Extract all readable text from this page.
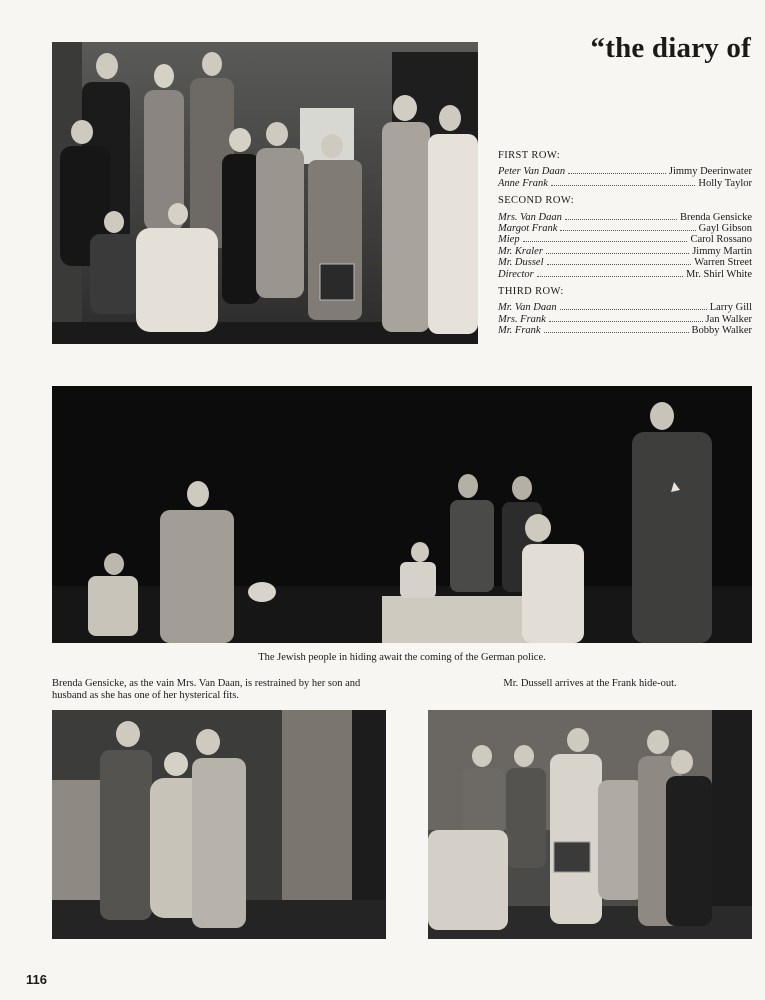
“the diary of
FIRST ROW:
Peter Van Daan	Jimmy Deerinwater
Anne Frank	Holly Taylor
SECOND ROW:
Mrs. Van Daan	Brenda Gensicke
Margot Frank	Gayl Gibson
Miep	Carol Rossano
Mr. Kraler	Jimmy Martin
Mr. Dussel	Warren Street
Director	Mr. Shirl White
THIRD ROW:
Mr. Van Daan	Larry Gill
Mrs. Frank	Jan Walker
Mr. Frank	Bobby Walker
The Jewish people in hiding await the coming of the German police.
Brenda Gensicke, as the vain Mrs. Van Daan, is restrained by her son and husband as she has one of her hysterical fits.
Mr. Dussell arrives at the Frank hide-out.
116
